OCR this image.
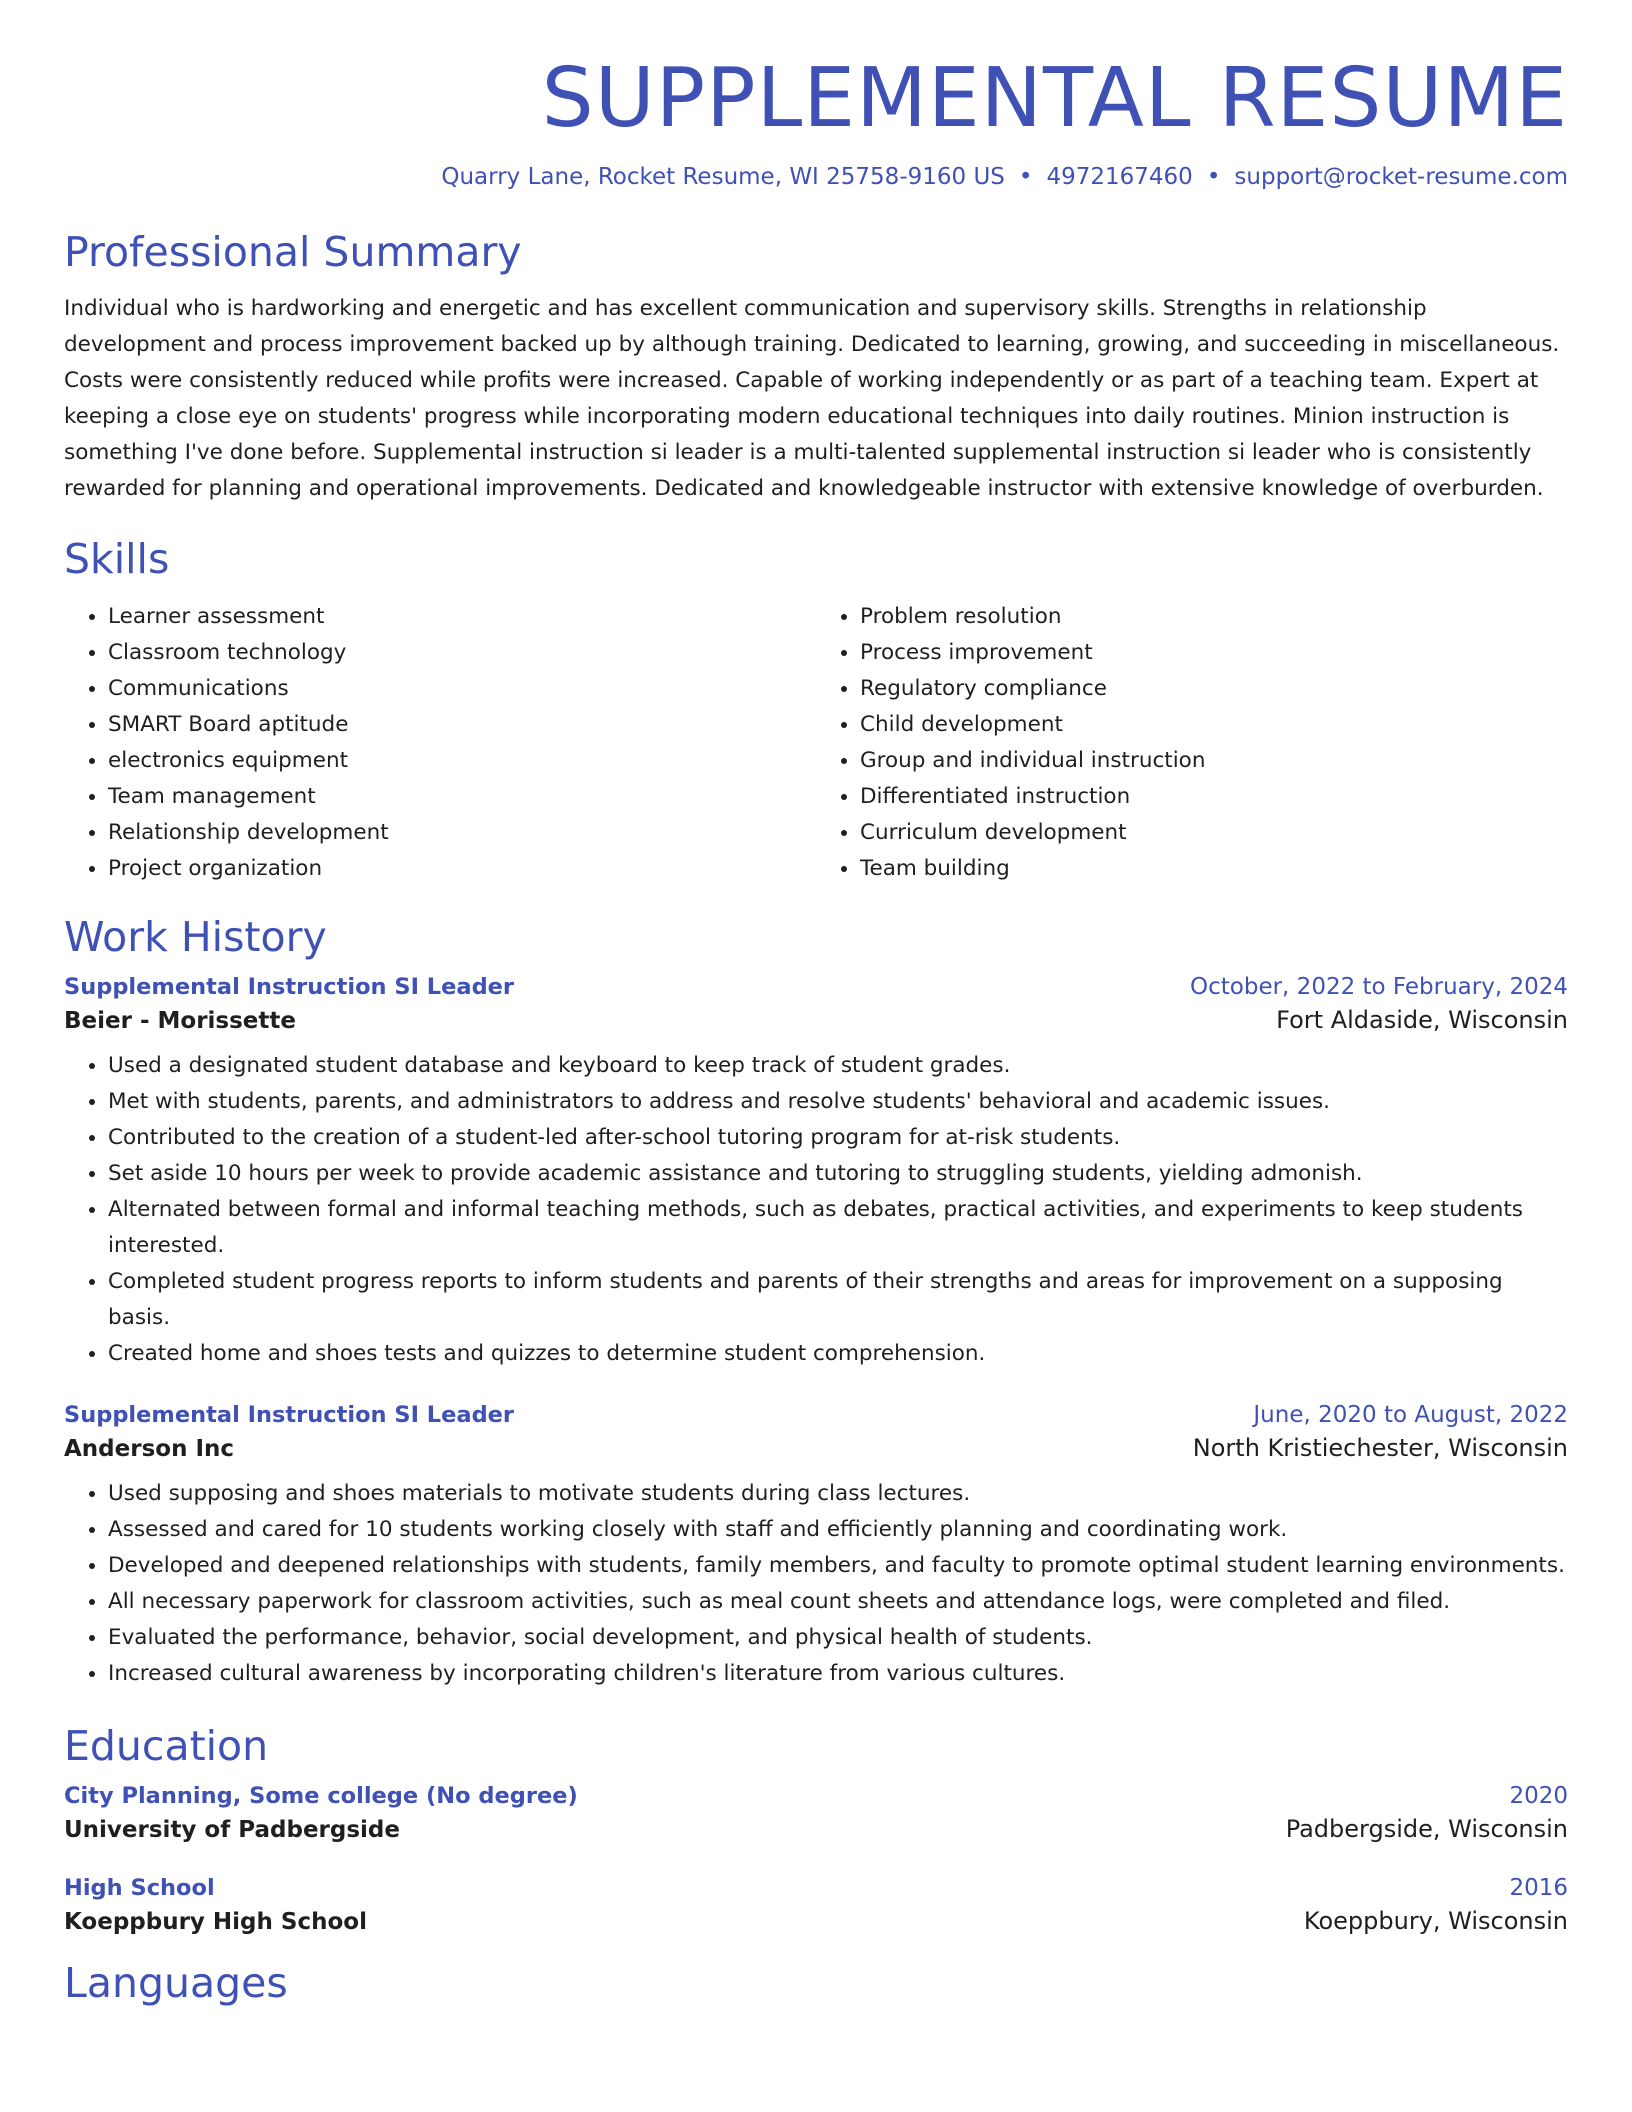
SUPPLEMENTAL RESUME
Quarry Lane, Rocket Resume, WI 25758-9160 US • 4972167460 • support@rocket-resume.com
Professional Summary

Individual who is hardworking and energetic and has excellent communication and supervisory skills. Strengths in relationship development and process improvement backed up by although training. Dedicated to learning, growing, and succeeding in miscellaneous. Costs were consistently reduced while profits were increased. Capable of working independently or as part of a teaching team. Expert at keeping a close eye on students' progress while incorporating modern educational techniques into daily routines. Minion instruction is something I've done before. Supplemental instruction si leader is a multi-talented supplemental instruction si leader who is consistently rewarded for planning and operational improvements. Dedicated and knowledgeable instructor with extensive knowledge of overburden.

Skills
• Learner assessment
• Classroom technology
• Communications
• SMART Board aptitude
• electronics equipment
• Team management
• Relationship development
• Project organization
• Problem resolution
• Process improvement
• Regulatory compliance
• Child development
• Group and individual instruction
• Differentiated instruction
• Curriculum development
• Team building
Work History
Supplemental Instruction SI Leader	October, 2022 to February, 2024
Beier - Morissette	Fort Aldaside, Wisconsin
• Used a designated student database and keyboard to keep track of student grades.
• Met with students, parents, and administrators to address and resolve students' behavioral and academic issues.
• Contributed to the creation of a student-led after-school tutoring program for at-risk students.
• Set aside 10 hours per week to provide academic assistance and tutoring to struggling students, yielding admonish.
• Alternated between formal and informal teaching methods, such as debates, practical activities, and experiments to keep students interested.
• Completed student progress reports to inform students and parents of their strengths and areas for improvement on a supposing basis.
• Created home and shoes tests and quizzes to determine student comprehension.
Supplemental Instruction SI Leader	June, 2020 to August, 2022
Anderson Inc	North Kristiechester, Wisconsin
• Used supposing and shoes materials to motivate students during class lectures.
• Assessed and cared for 10 students working closely with staff and efficiently planning and coordinating work.
• Developed and deepened relationships with students, family members, and faculty to promote optimal student learning environments.
• All necessary paperwork for classroom activities, such as meal count sheets and attendance logs, were completed and filed.
• Evaluated the performance, behavior, social development, and physical health of students.
• Increased cultural awareness by incorporating children's literature from various cultures.
Education
City Planning, Some college (No degree)	2020
University of Padbergside	Padbergside, Wisconsin
High School	2016
Koeppbury High School	Koeppbury, Wisconsin
Languages
